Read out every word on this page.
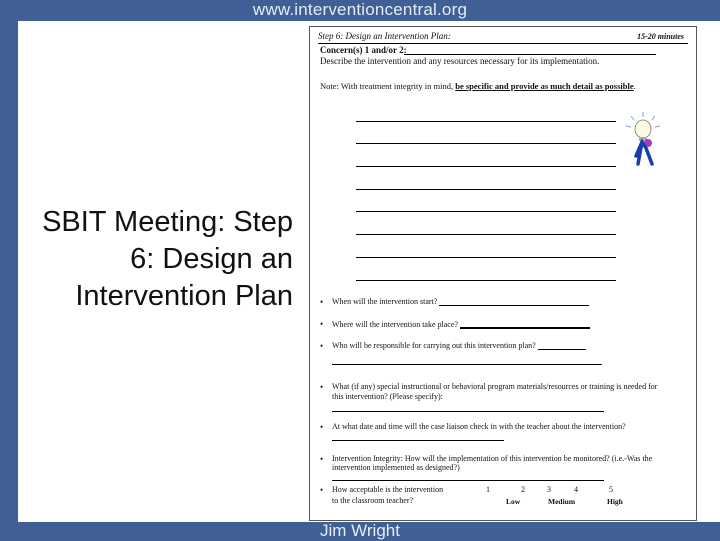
www.interventioncentral.org
SBIT Meeting: Step 6: Design an Intervention Plan
Step 6: Design an Intervention Plan:	15-20 minutes
Concern(s) 1 and/or 2:
Describe the intervention and any resources necessary for its implementation.
Note: With treatment integrity in mind, be specific and provide as much detail as possible.
• When will the intervention start?
• Where will the intervention take place?
• Who will be responsible for carrying out this intervention plan?
• What (if any) special instructional or behavioral program materials/resources or training is needed for
this intervention? (Please specify):
• At what date and time will the case liaison check in with the teacher about the intervention?
• Intervention Integrity: How will the implementation of this intervention be monitored? (i.e.-Was the
intervention implemented as designed?)
• How acceptable is the intervention
to the classroom teacher?
1	2	3	4	5
Low	Medium	High
Jim Wright
